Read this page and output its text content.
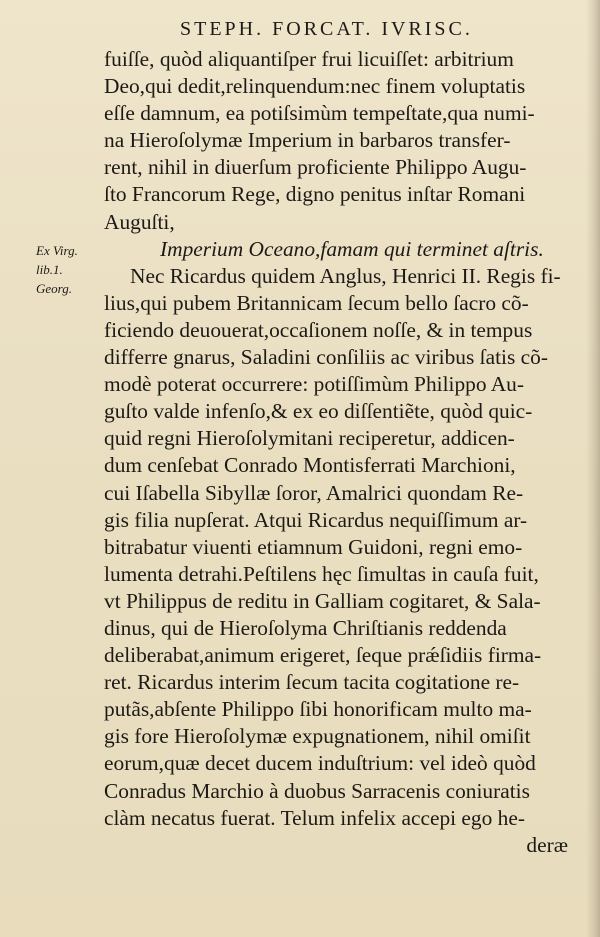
STEPH. FORCAT. IVRISC.
Ex Virg.
lib.1.
Georg.
fuiſſe, quòd aliquantiſper frui licuiſſet: arbitrium
Deo,qui dedit,relinquendum:nec finem voluptatis
eſſe damnum, ea potiſsimùm tempeſtate,qua numi-
na Hieroſolymæ Imperium in barbaros transfer-
rent, nihil in diuerſum proficiente Philippo Augu-
ſto Francorum Rege, digno penitus inſtar Romani
Auguſti,
Imperium Oceano,famam qui terminet aſtris.
Nec Ricardus quidem Anglus, Henrici II. Regis fi-
lius,qui pubem Britannicam ſecum bello ſacro cõ-
ficiendo deuouerat,occaſionem noſſe, & in tempus
differre gnarus, Saladini conſiliis ac viribus ſatis cõ-
modè poterat occurrere: potiſſimùm Philippo Au-
guſto valde infenſo,& ex eo diſſentiẽte, quòd quic-
quid regni Hieroſolymitani reciperetur, addicen-
dum cenſebat Conrado Montisferrati Marchioni,
cui Iſabella Sibyllæ ſoror, Amalrici quondam Re-
gis filia nupſerat. Atqui Ricardus nequiſſimum ar-
bitrabatur viuenti etiamnum Guidoni, regni emo-
lumenta detrahi.Peſtilens hęc ſimultas in cauſa fuit,
vt Philippus de reditu in Galliam cogitaret, & Sala-
dinus, qui de Hieroſolyma Chriſtianis reddenda
deliberabat,animum erigeret, ſeque prǽſidiis firma-
ret. Ricardus interim ſecum tacita cogitatione re-
putãs,abſente Philippo ſibi honorificam multo ma-
gis fore Hieroſolymæ expugnationem, nihil omiſit
eorum,quæ decet ducem induſtrium: vel ideò quòd
Conradus Marchio à duobus Sarracenis coniuratis
clàm necatus fuerat. Telum infelix accepi ego he-
deræ
